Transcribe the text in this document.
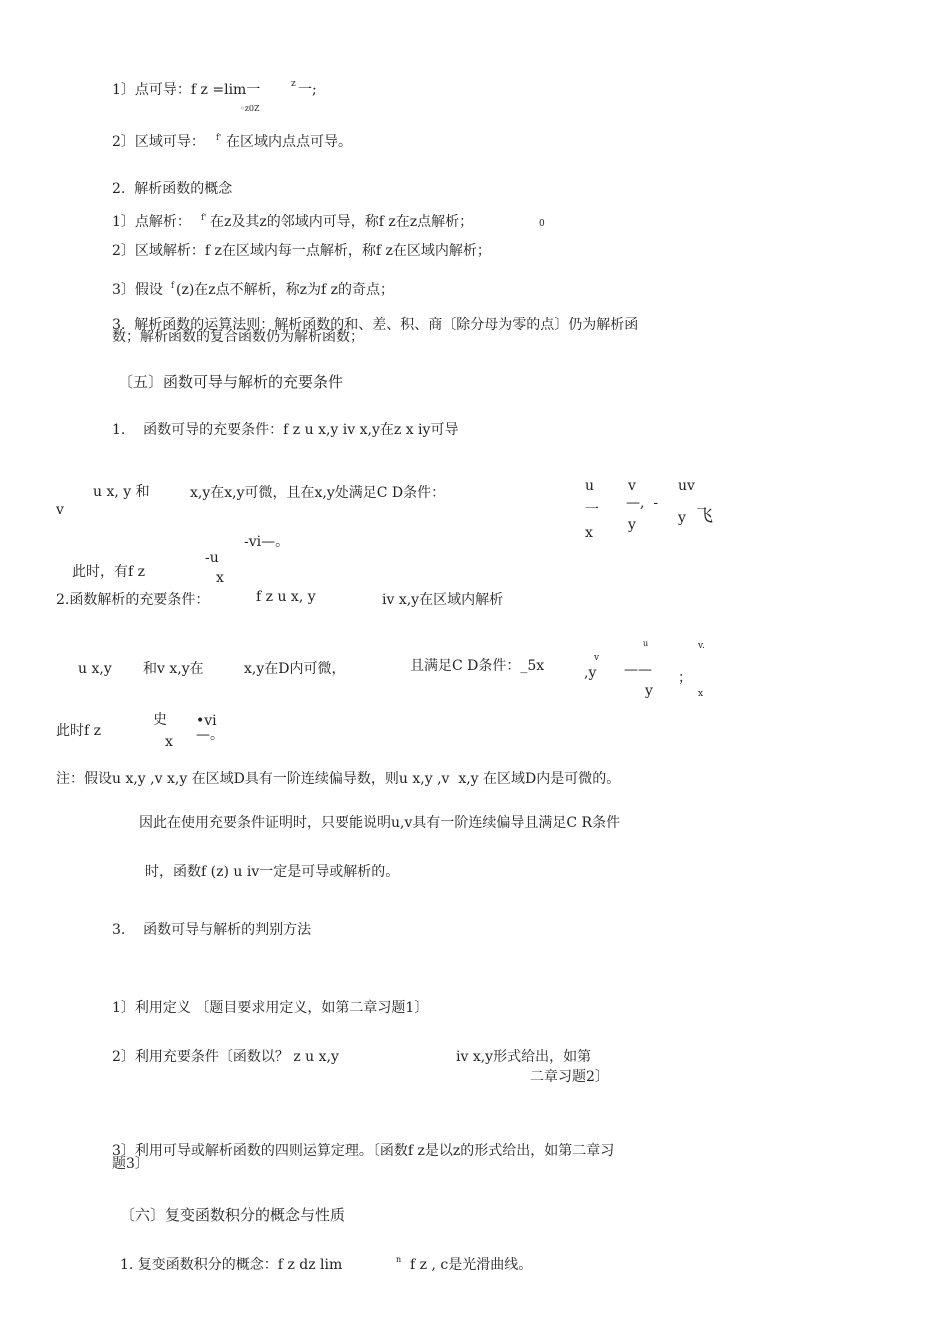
1〕点可导：f z =lim一	z 一;
◦z0Z
2〕区域可导： f' 在区域内点点可导。
2.  解析函数的概念
1〕点解析： f' 在z及其z的邻域内可导，称f z在z点解析；	0
2〕区域解析：f z在区域内每一点解析，称f z在区域内解析；
3〕假设 f (z)在z点不解析，称z为f z的奇点；
3.  解析函数的运算法则：解析函数的和、差、积、商〔除分母为零的点〕仍为解析函
数；解析函数的复合函数仍为解析函数；
〔五〕函数可导与解析的充要条件
1.    函数可导的充要条件：f z u x,y iv x,y在z x iy可导
u x, y 和	x,y在x,y可微，且在x,y处满足C D条件：
v
u v	uv
一 —,  -
x	y	y 飞
-vi—。
此时，有f z
-u
x
2.函数解析的充要条件：	f z u x, y	iv x,y在区域内解析
u x,y 和v x,y在	x,y在D内可微，	且满足C D条件：_5x
u
v
,y ——
y
；
v.
x
此时f z
史
x
•vi
—。
注：假设u x,y ,v x,y 在区域D具有一阶连续偏导数，则u x,y ,v  x,y 在区域D内是可微的。
因此在使用充要条件证明时，只要能说明u,v具有一阶连续偏导且满足C R条件
时，函数f (z) u iv一定是可导或解析的。
3.    函数可导与解析的判别方法
1〕利用定义 〔题目要求用定义，如第二章习题1〕
2〕利用充要条件〔函数以？ z u x,y	iv x,y形式给出，如第
二章习题2〕
3〕利用可导或解析函数的四则运算定理。〔函数f z是以z的形式给出，如第二章习
题3〕
〔六〕复变函数积分的概念与性质
1. 复变函数积分的概念：f z dz lim	n f z , c是光滑曲线。
